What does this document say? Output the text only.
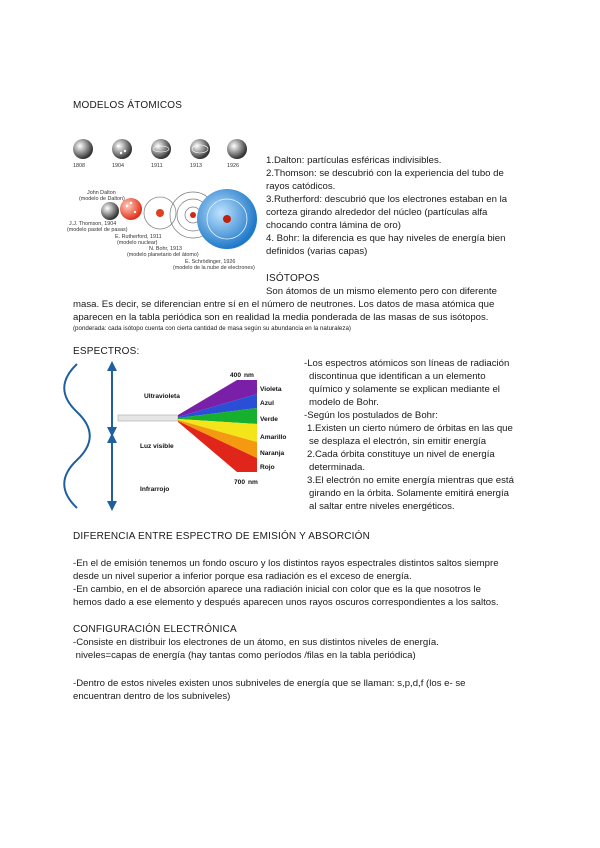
MODELOS ÁTOMICOS
1808	1904	1911	1913	1926
John Dalton
(modelo de Dalton)
J.J. Thomson, 1904
(modelo pastel de pasas)
E. Rutherford, 1911
(modelo nuclear)
N. Bohr, 1913
(modelo planetario del átomo)
E. Schrödinger, 1926
(modelo de la nube de electrones)
1.Dalton: partículas esféricas indivisibles.
2.Thomson: se descubrió con la experiencia del tubo de
rayos catódicos.
3.Rutherford: descubrió que los electrones estaban en la
corteza girando alrededor del núcleo (partículas alfa
chocando contra lámina de oro)
4. Bohr: la diferencia es que hay niveles de energía bien
definidos (varias capas)
ISÓTOPOS
Son átomos de un mismo elemento pero con diferente
masa. Es decir, se diferencian entre sí en el número de neutrones. Los datos de masa atómica que
aparecen en la tabla periódica son en realidad la media ponderada de las masas de sus isótopos.
(ponderada: cada isótopo cuenta con cierta cantidad de masa según su abundancia en la naturaleza)
ESPECTROS:
Ultravioleta
Luz visible
Infrarrojo
400 nm
700 nm
Violeta
Azul
Verde
Amarillo
Naranja
Rojo
-Los espectros atómicos son líneas de radiación
discontinua que identifican a un elemento
químico y solamente se explican mediante el
modelo de Bohr.
-Según los postulados de Bohr:
1.Existen un cierto número de órbitas en las que
se desplaza el electrón, sin emitir energía
2.Cada órbita constituye un nivel de energía
determinada.
3.El electrón no emite energía mientras que está
girando en la órbita. Solamente emitirá energía
al saltar entre niveles energéticos.
DIFERENCIA ENTRE ESPECTRO DE EMISIÓN Y ABSORCIÓN
-En el de emisión tenemos un fondo oscuro y los distintos rayos espectrales distintos saltos siempre
desde un nivel superior a inferior porque esa radiación es el exceso de energía.
-En cambio, en el de absorción aparece una radiación inicial con color que es la que nosotros le
hemos dado a ese elemento y después aparecen unos rayos oscuros correspondientes a los saltos.
CONFIGURACIÓN ELECTRÓNICA
-Consiste en distribuir los electrones de un átomo, en sus distintos niveles de energía.
niveles=capas de energía (hay tantas como períodos /filas en la tabla periódica)
-Dentro de estos niveles existen unos subniveles de energía que se llaman: s,p,d,f (los e- se
encuentran dentro de los subniveles)
